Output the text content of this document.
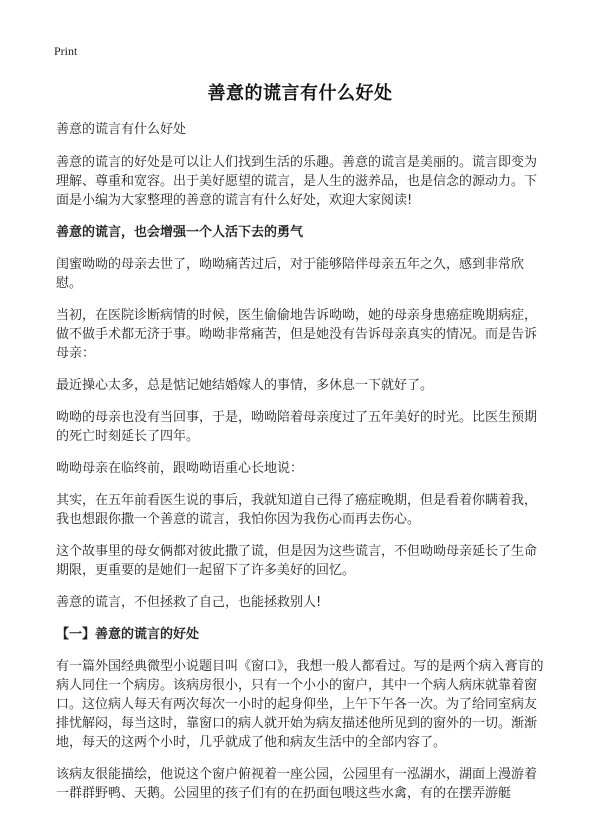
Print
善意的谎言有什么好处

善意的谎言有什么好处

善意的谎言的好处是可以让人们找到生活的乐趣。善意的谎言是美丽的。谎言即变为理解、尊重和宽容。出于美好愿望的谎言，是人生的滋养品，也是信念的源动力。下面是小编为大家整理的善意的谎言有什么好处，欢迎大家阅读!

善意的谎言，也会增强一个人活下去的勇气

闺蜜呦呦的母亲去世了，呦呦痛苦过后，对于能够陪伴母亲五年之久，感到非常欣慰。

当初，在医院诊断病情的时候，医生偷偷地告诉呦呦，她的母亲身患癌症晚期病症，做不做手术都无济于事。呦呦非常痛苦，但是她没有告诉母亲真实的情况。而是告诉母亲：

最近操心太多，总是惦记她结婚嫁人的事情，多休息一下就好了。

呦呦的母亲也没有当回事，于是，呦呦陪着母亲度过了五年美好的时光。比医生预期的死亡时刻延长了四年。

呦呦母亲在临终前，跟呦呦语重心长地说：

其实，在五年前看医生说的事后，我就知道自己得了癌症晚期，但是看着你瞒着我，我也想跟你撒一个善意的谎言，我怕你因为我伤心而再去伤心。

这个故事里的母女俩都对彼此撒了谎，但是因为这些谎言，不但呦呦母亲延长了生命期限，更重要的是她们一起留下了许多美好的回忆。

善意的谎言，不但拯救了自己，也能拯救别人!

【一】善意的谎言的好处

有一篇外国经典微型小说题目叫《窗口》，我想一般人都看过。写的是两个病入膏肓的病人同住一个病房。该病房很小，只有一个小小的窗户，其中一个病人病床就靠着窗口。这位病人每天有两次每次一小时的起身仰坐，上午下午各一次。为了给同室病友排忧解闷，每当这时，靠窗口的病人就开始为病友描述他所见到的窗外的一切。渐渐地，每天的这两个小时，几乎就成了他和病友生活中的全部内容了。

该病友很能描绘，他说这个窗户俯视着一座公园，公园里有一泓湖水，湖面上漫游着一群群野鸭、天鹅。公园里的孩子们有的在扔面包喂这些水禽，有的在摆弄游艇
